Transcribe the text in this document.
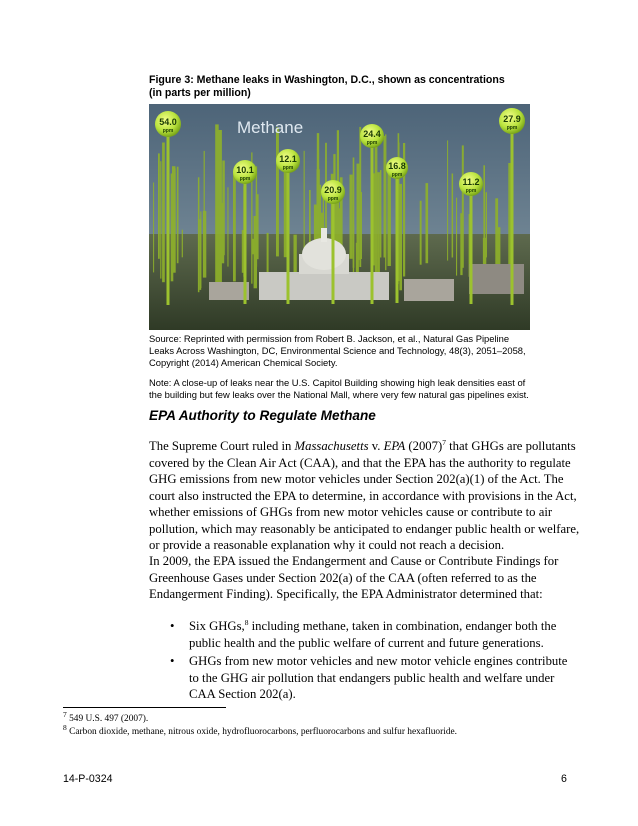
Figure 3: Methane leaks in Washington, D.C., shown as concentrations
(in parts per million)
Methane
54.0
ppm
10.1
ppm
12.1
ppm
20.9
ppm
24.4
ppm
16.8
ppm
11.2
ppm
27.9
ppm
Source: Reprinted with permission from Robert B. Jackson, et al., Natural Gas Pipeline
Leaks Across Washington, DC, Environmental Science and Technology, 48(3), 2051–2058,
Copyright (2014) American Chemical Society.
Note: A close-up of leaks near the U.S. Capitol Building showing high leak densities east of
the building but few leaks over the National Mall, where very few natural gas pipelines exist.
EPA Authority to Regulate Methane
The Supreme Court ruled in Massachusetts v. EPA $(2007)^7$ that GHGs are pollutants covered by the Clean Air Act (CAA), and that the EPA has the authority to regulate GHG emissions from new motor vehicles under Section 202(a)(1) of the Act. The court also instructed the EPA to determine, in accordance with provisions in the Act, whether emissions of GHGs from new motor vehicles cause or contribute to air pollution, which may reasonably be anticipated to endanger public health or welfare, or provide a reasonable explanation why it could not reach a decision.
In 2009, the EPA issued the Endangerment and Cause or Contribute Findings for Greenhouse Gases under Section 202(a) of the CAA (often referred to as the Endangerment Finding). Specifically, the EPA Administrator determined that:
• Six GHGs,$^8$ including methane, taken in combination, endanger both the public health and the public welfare of current and future generations.
• GHGs from new motor vehicles and new motor vehicle engines contribute to the GHG air pollution that endangers public health and welfare under CAA Section 202(a).
$^7$ 549 U.S. 497 (2007).
$^8$ Carbon dioxide, methane, nitrous oxide, hydrofluorocarbons, perfluorocarbons and sulfur hexafluoride.
14-P-0324	6
